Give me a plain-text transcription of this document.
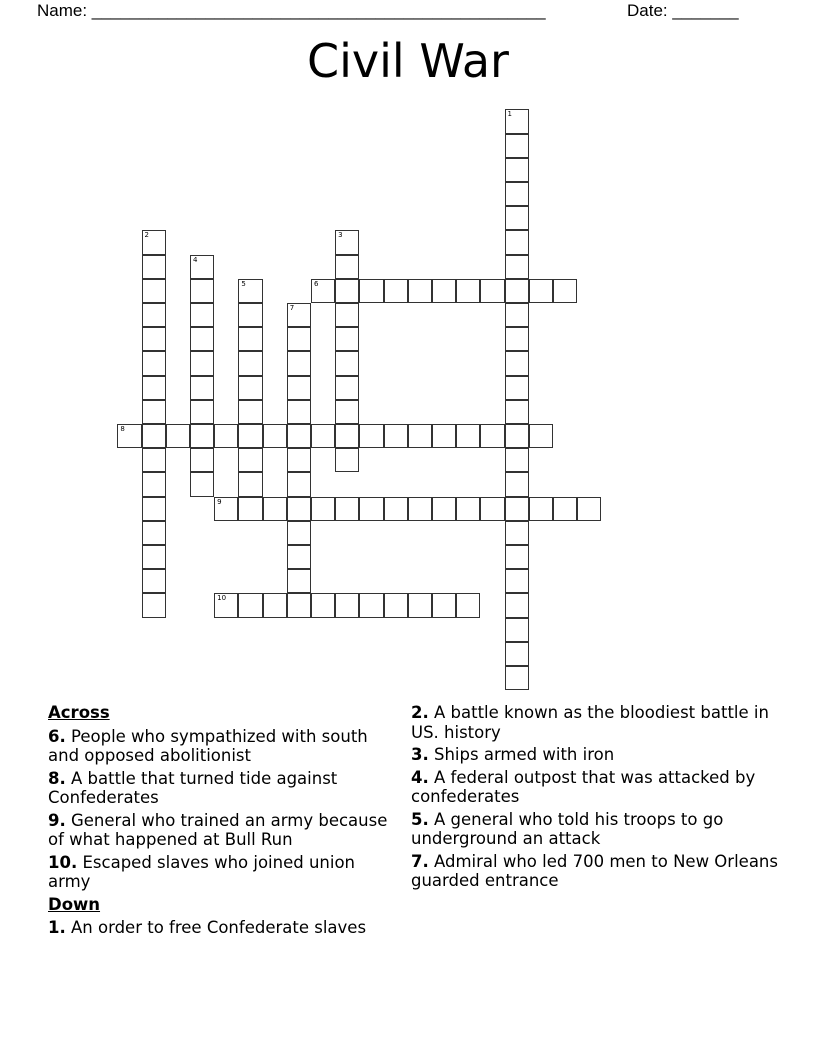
Name: ________________________________________________	Date: _______
Civil War
1
2	3
4
5	6
7
8
9
10
Across
6. People who sympathized with south and opposed abolitionist
8. A battle that turned tide against Confederates
9. General who trained an army because of what happened at Bull Run
10. Escaped slaves who joined union army
Down
1. An order to free Confederate slaves
2. A battle known as the bloodiest battle in US. history
3. Ships armed with iron
4. A federal outpost that was attacked by confederates
5. A general who told his troops to go underground an attack
7. Admiral who led 700 men to New Orleans guarded entrance
